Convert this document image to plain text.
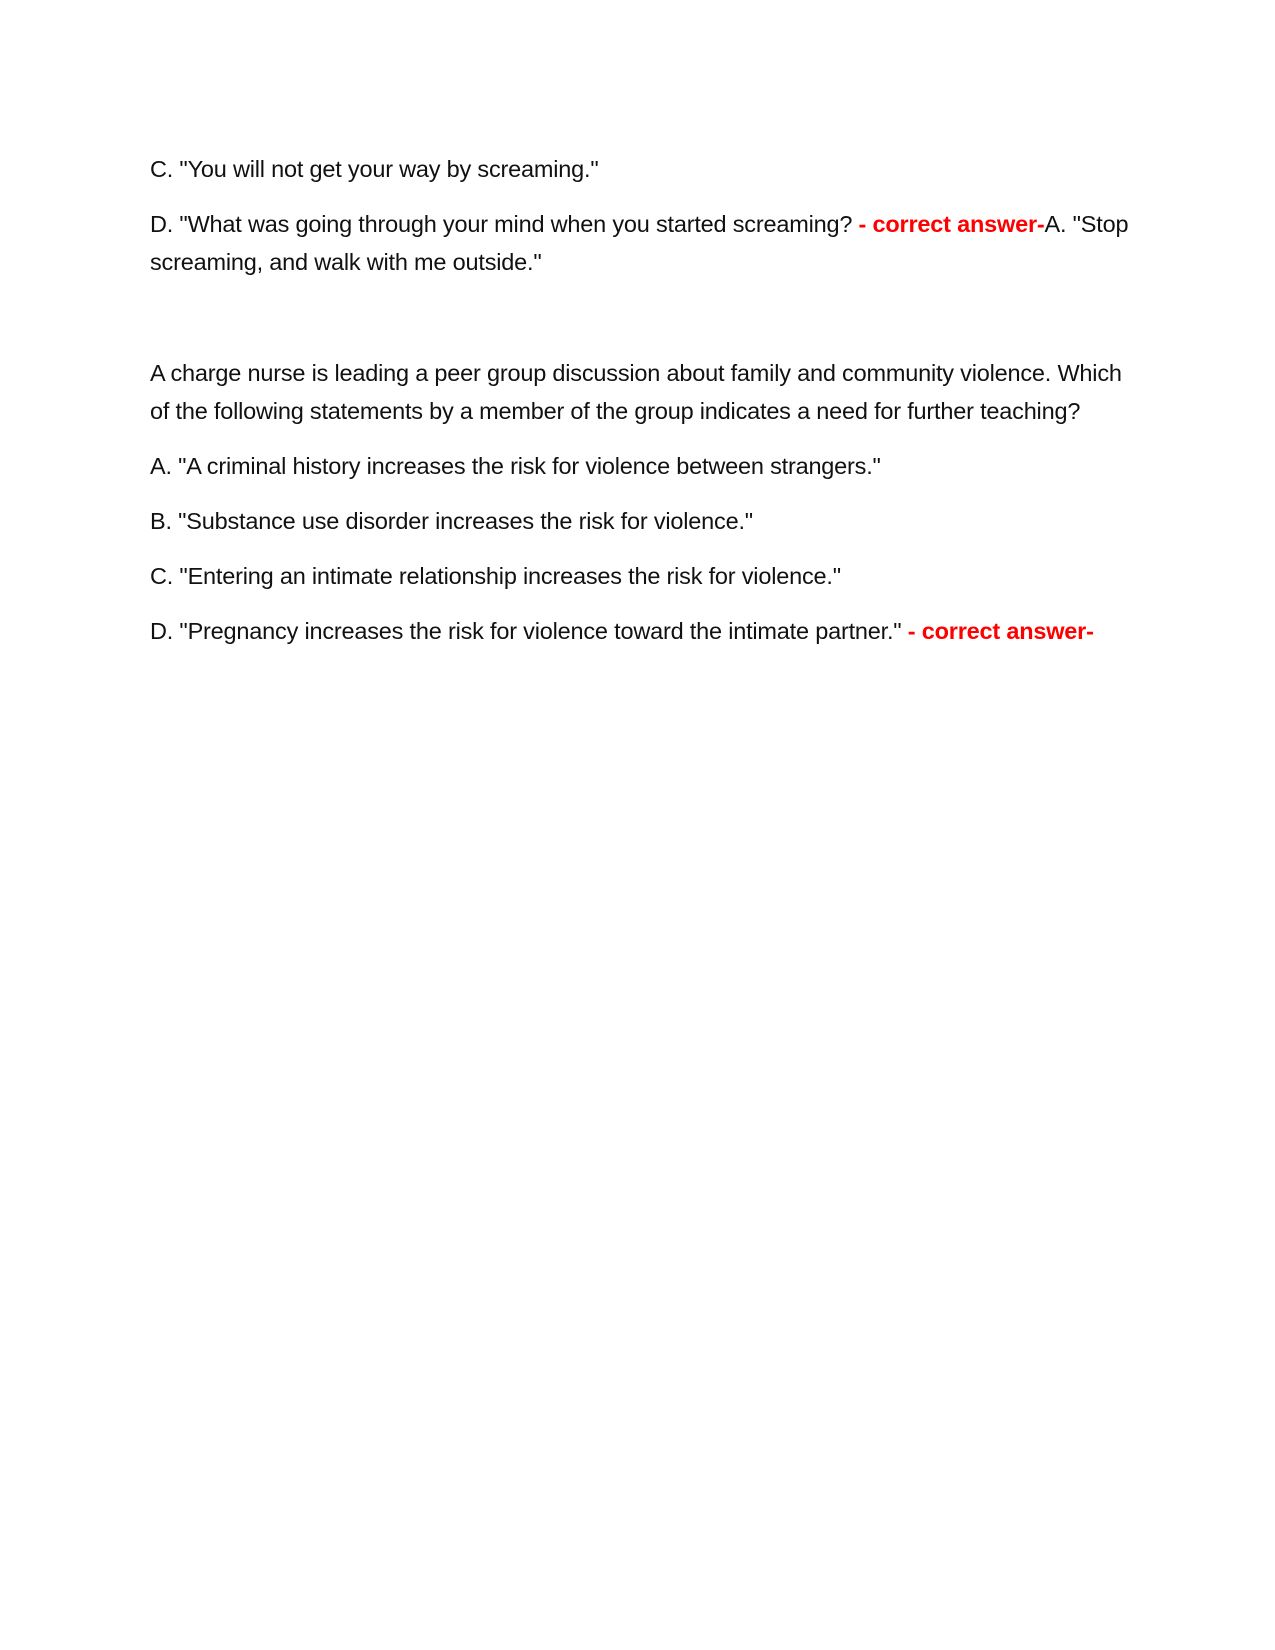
C. "You will not get your way by screaming."

D. "What was going through your mind when you started screaming? - correct answer-A. "Stop screaming, and walk with me outside."

A charge nurse is leading a peer group discussion about family and community violence. Which of the following statements by a member of the group indicates a need for further teaching?

A. "A criminal history increases the risk for violence between strangers."

B. "Substance use disorder increases the risk for violence."

C. "Entering an intimate relationship increases the risk for violence."

D. "Pregnancy increases the risk for violence toward the intimate partner." - correct answer-
